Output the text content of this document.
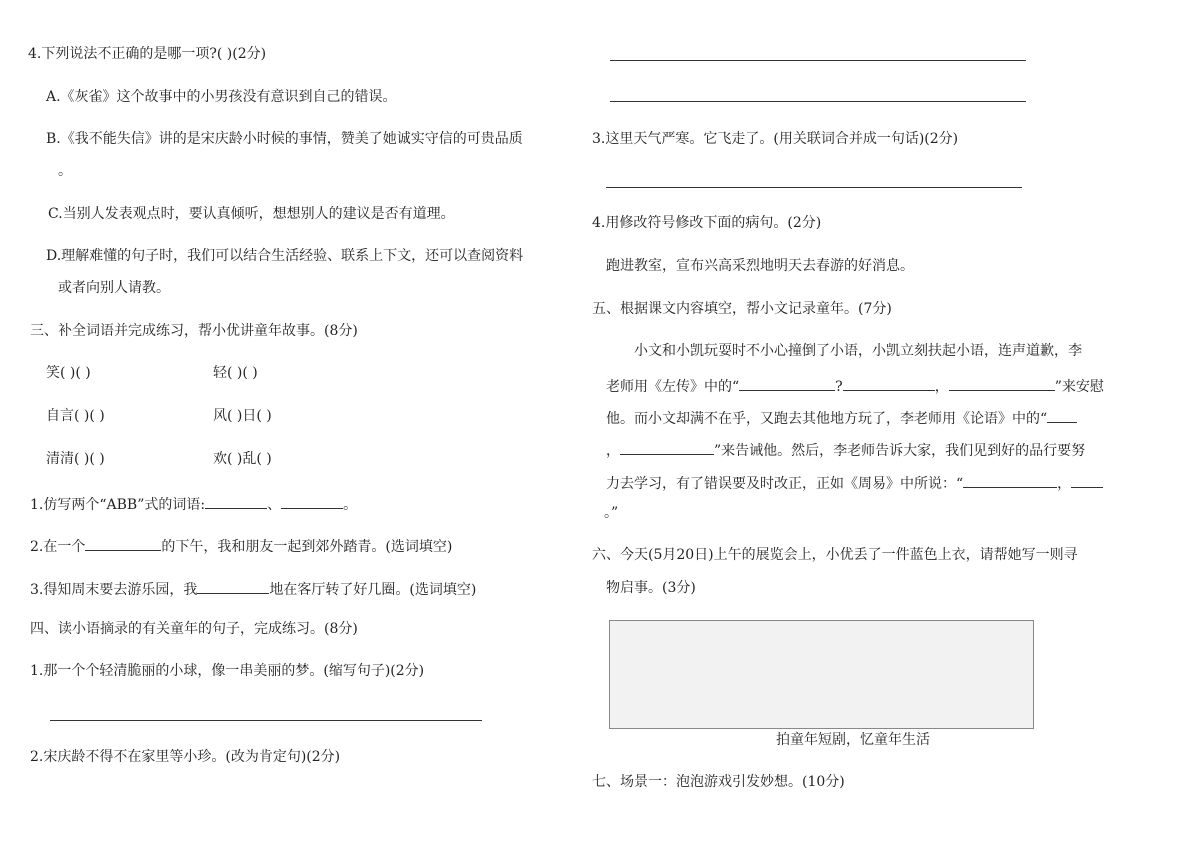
4.下列说法不正确的是哪一项?( )(2分)
A.《灰雀》这个故事中的小男孩没有意识到自己的错误。
B.《我不能失信》讲的是宋庆龄小时候的事情，赞美了她诚实守信的可贵品质
。
C.当别人发表观点时，要认真倾听，想想别人的建议是否有道理。
D.理解难懂的句子时，我们可以结合生活经验、联系上下文，还可以查阅资料
或者向别人请教。
三、补全词语并完成练习，帮小优讲童年故事。(8分)
笑( )( )	轻( )( )
自言( )( )	风( )日( )
清清( )( )	欢( )乱( )
1.仿写两个“ABB”式的词语:	、	。
2.在一个	的下午，我和朋友一起到郊外踏青。(选词填空)
3.得知周末要去游乐园，我	地在客厅转了好几圈。(选词填空)
四、读小语摘录的有关童年的句子，完成练习。(8分)
1.那一个个轻清脆丽的小球，像一串美丽的梦。(缩写句子)(2分)
2.宋庆龄不得不在家里等小珍。(改为肯定句)(2分)
3.这里天气严寒。它飞走了。(用关联词合并成一句话)(2分)
4.用修改符号修改下面的病句。(2分)
跑进教室，宣布兴高采烈地明天去春游的好消息。
五、根据课文内容填空，帮小文记录童年。(7分)
小文和小凯玩耍时不小心撞倒了小语，小凯立刻扶起小语，连声道歉，李
老师用《左传》中的“	?	，	”来安慰
他。而小文却满不在乎，又跑去其他地方玩了，李老师用《论语》中的“
，	”来告诫他。然后，李老师告诉大家，我们见到好的品行要努
力去学习，有了错误要及时改正，正如《周易》中所说：“	，
。”
六、今天(5月20日)上午的展览会上，小优丢了一件蓝色上衣，请帮她写一则寻
物启事。(3分)
拍童年短剧，忆童年生活
七、场景一：泡泡游戏引发妙想。(10分)
